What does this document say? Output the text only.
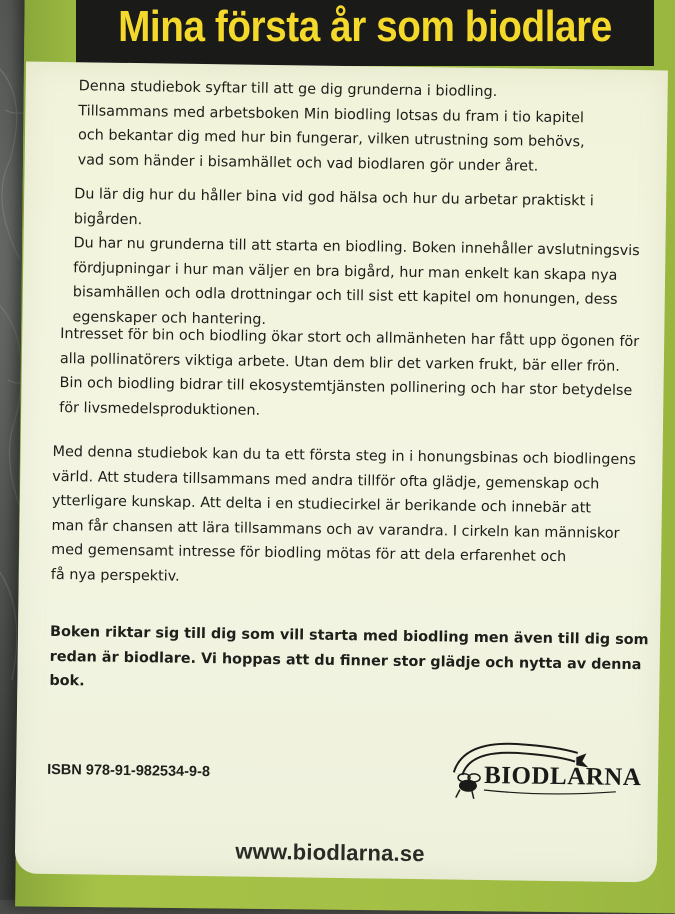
Mina första år som biodlare

Denna studiebok syftar till att ge dig grunderna i biodling.
Tillsammans med arbetsboken Min biodling lotsas du fram i tio kapitel
och bekantar dig med hur bin fungerar, vilken utrustning som behövs,
vad som händer i bisamhället och vad biodlaren gör under året.

Du lär dig hur du håller bina vid god hälsa och hur du arbetar praktiskt i bigården.
Du har nu grunderna till att starta en biodling. Boken innehåller avslutningsvis
fördjupningar i hur man väljer en bra bigård, hur man enkelt kan skapa nya
bisamhällen och odla drottningar och till sist ett kapitel om honungen, dess
egenskaper och hantering.

Intresset för bin och biodling ökar stort och allmänheten har fått upp ögonen för
alla pollinatörers viktiga arbete. Utan dem blir det varken frukt, bär eller frön.
Bin och biodling bidrar till ekosystemtjänsten pollinering och har stor betydelse
för livsmedelsproduktionen.

Med denna studiebok kan du ta ett första steg in i honungsbinas och biodlingens
värld. Att studera tillsammans med andra tillför ofta glädje, gemenskap och
ytterligare kunskap. Att delta i en studiecirkel är berikande och innebär att
man får chansen att lära tillsammans och av varandra. I cirkeln kan människor
med gemensamt intresse för biodling mötas för att dela erfarenhet och
få nya perspektiv.

Boken riktar sig till dig som vill starta med biodling men även till dig som
redan är biodlare. Vi hoppas att du finner stor glädje och nytta av denna bok.

ISBN 978-91-982534-9-8	BIODLARNA
www.biodlarna.se
